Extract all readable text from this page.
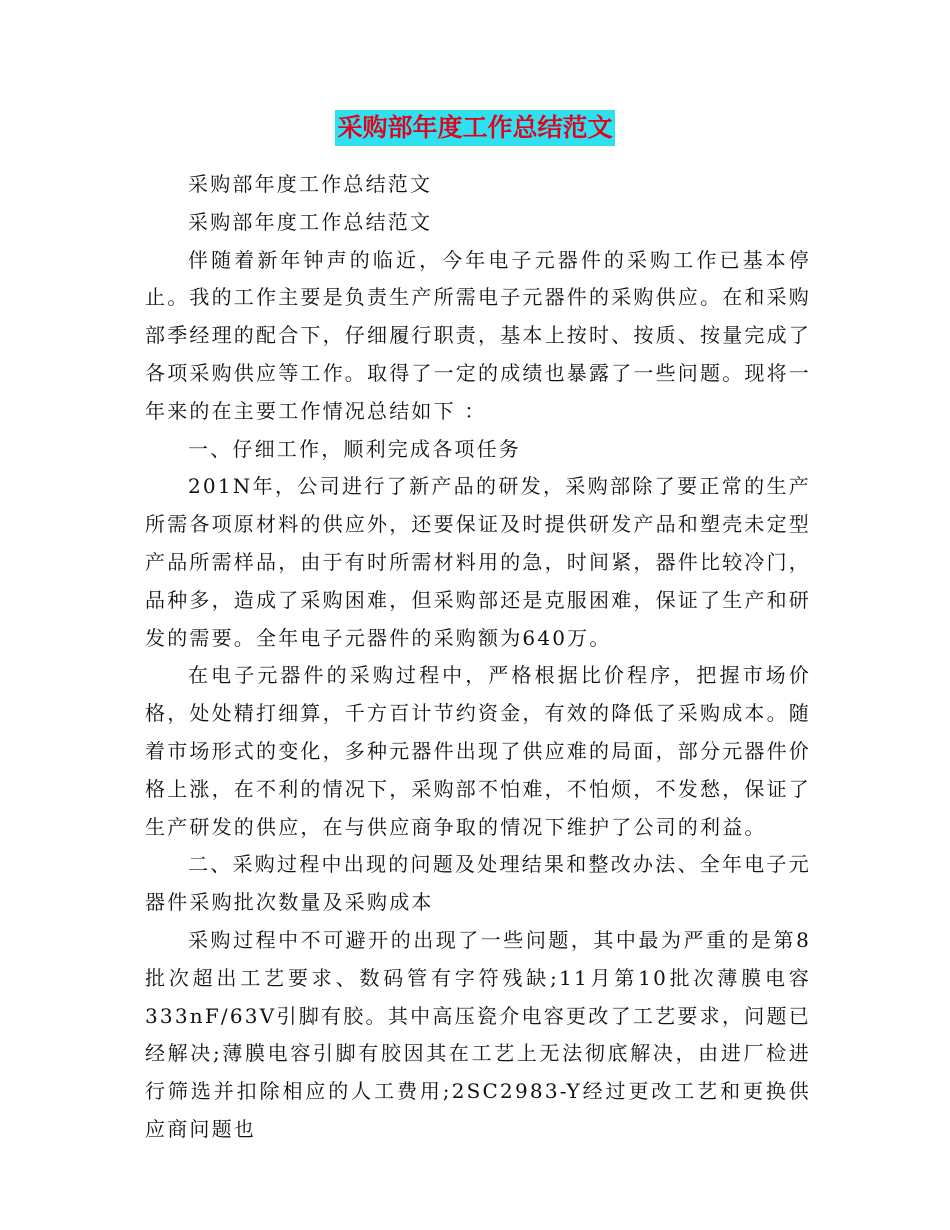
采购部年度工作总结范文

采购部年度工作总结范文

采购部年度工作总结范文

伴随着新年钟声的临近，今年电子元器件的采购工作已基本停止。我的工作主要是负责生产所需电子元器件的采购供应。在和采购部季经理的配合下，仔细履行职责，基本上按时、按质、按量完成了各项采购供应等工作。取得了一定的成绩也暴露了一些问题。现将一年来的在主要工作情况总结如下 ：

一、仔细工作，顺利完成各项任务

201N年，公司进行了新产品的研发，采购部除了要正常的生产所需各项原材料的供应外，还要保证及时提供研发产品和塑壳未定型产品所需样品，由于有时所需材料用的急，时间紧，器件比较冷门，品种多，造成了采购困难，但采购部还是克服困难，保证了生产和研发的需要。全年电子元器件的采购额为640万。

在电子元器件的采购过程中，严格根据比价程序，把握市场价格，处处精打细算，千方百计节约资金，有效的降低了采购成本。随着市场形式的变化，多种元器件出现了供应难的局面，部分元器件价格上涨，在不利的情况下，采购部不怕难，不怕烦，不发愁，保证了生产研发的供应，在与供应商争取的情况下维护了公司的利益。

二、采购过程中出现的问题及处理结果和整改办法、全年电子元器件采购批次数量及采购成本

采购过程中不可避开的出现了一些问题，其中最为严重的是第8批次超出工艺要求、数码管有字符残缺;11月第10批次薄膜电容333nF/63V引脚有胶。其中高压瓷介电容更改了工艺要求，问题已经解决;薄膜电容引脚有胶因其在工艺上无法彻底解决，由进厂检进行筛选并扣除相应的人工费用;2SC2983-Y经过更改工艺和更换供应商问题也
